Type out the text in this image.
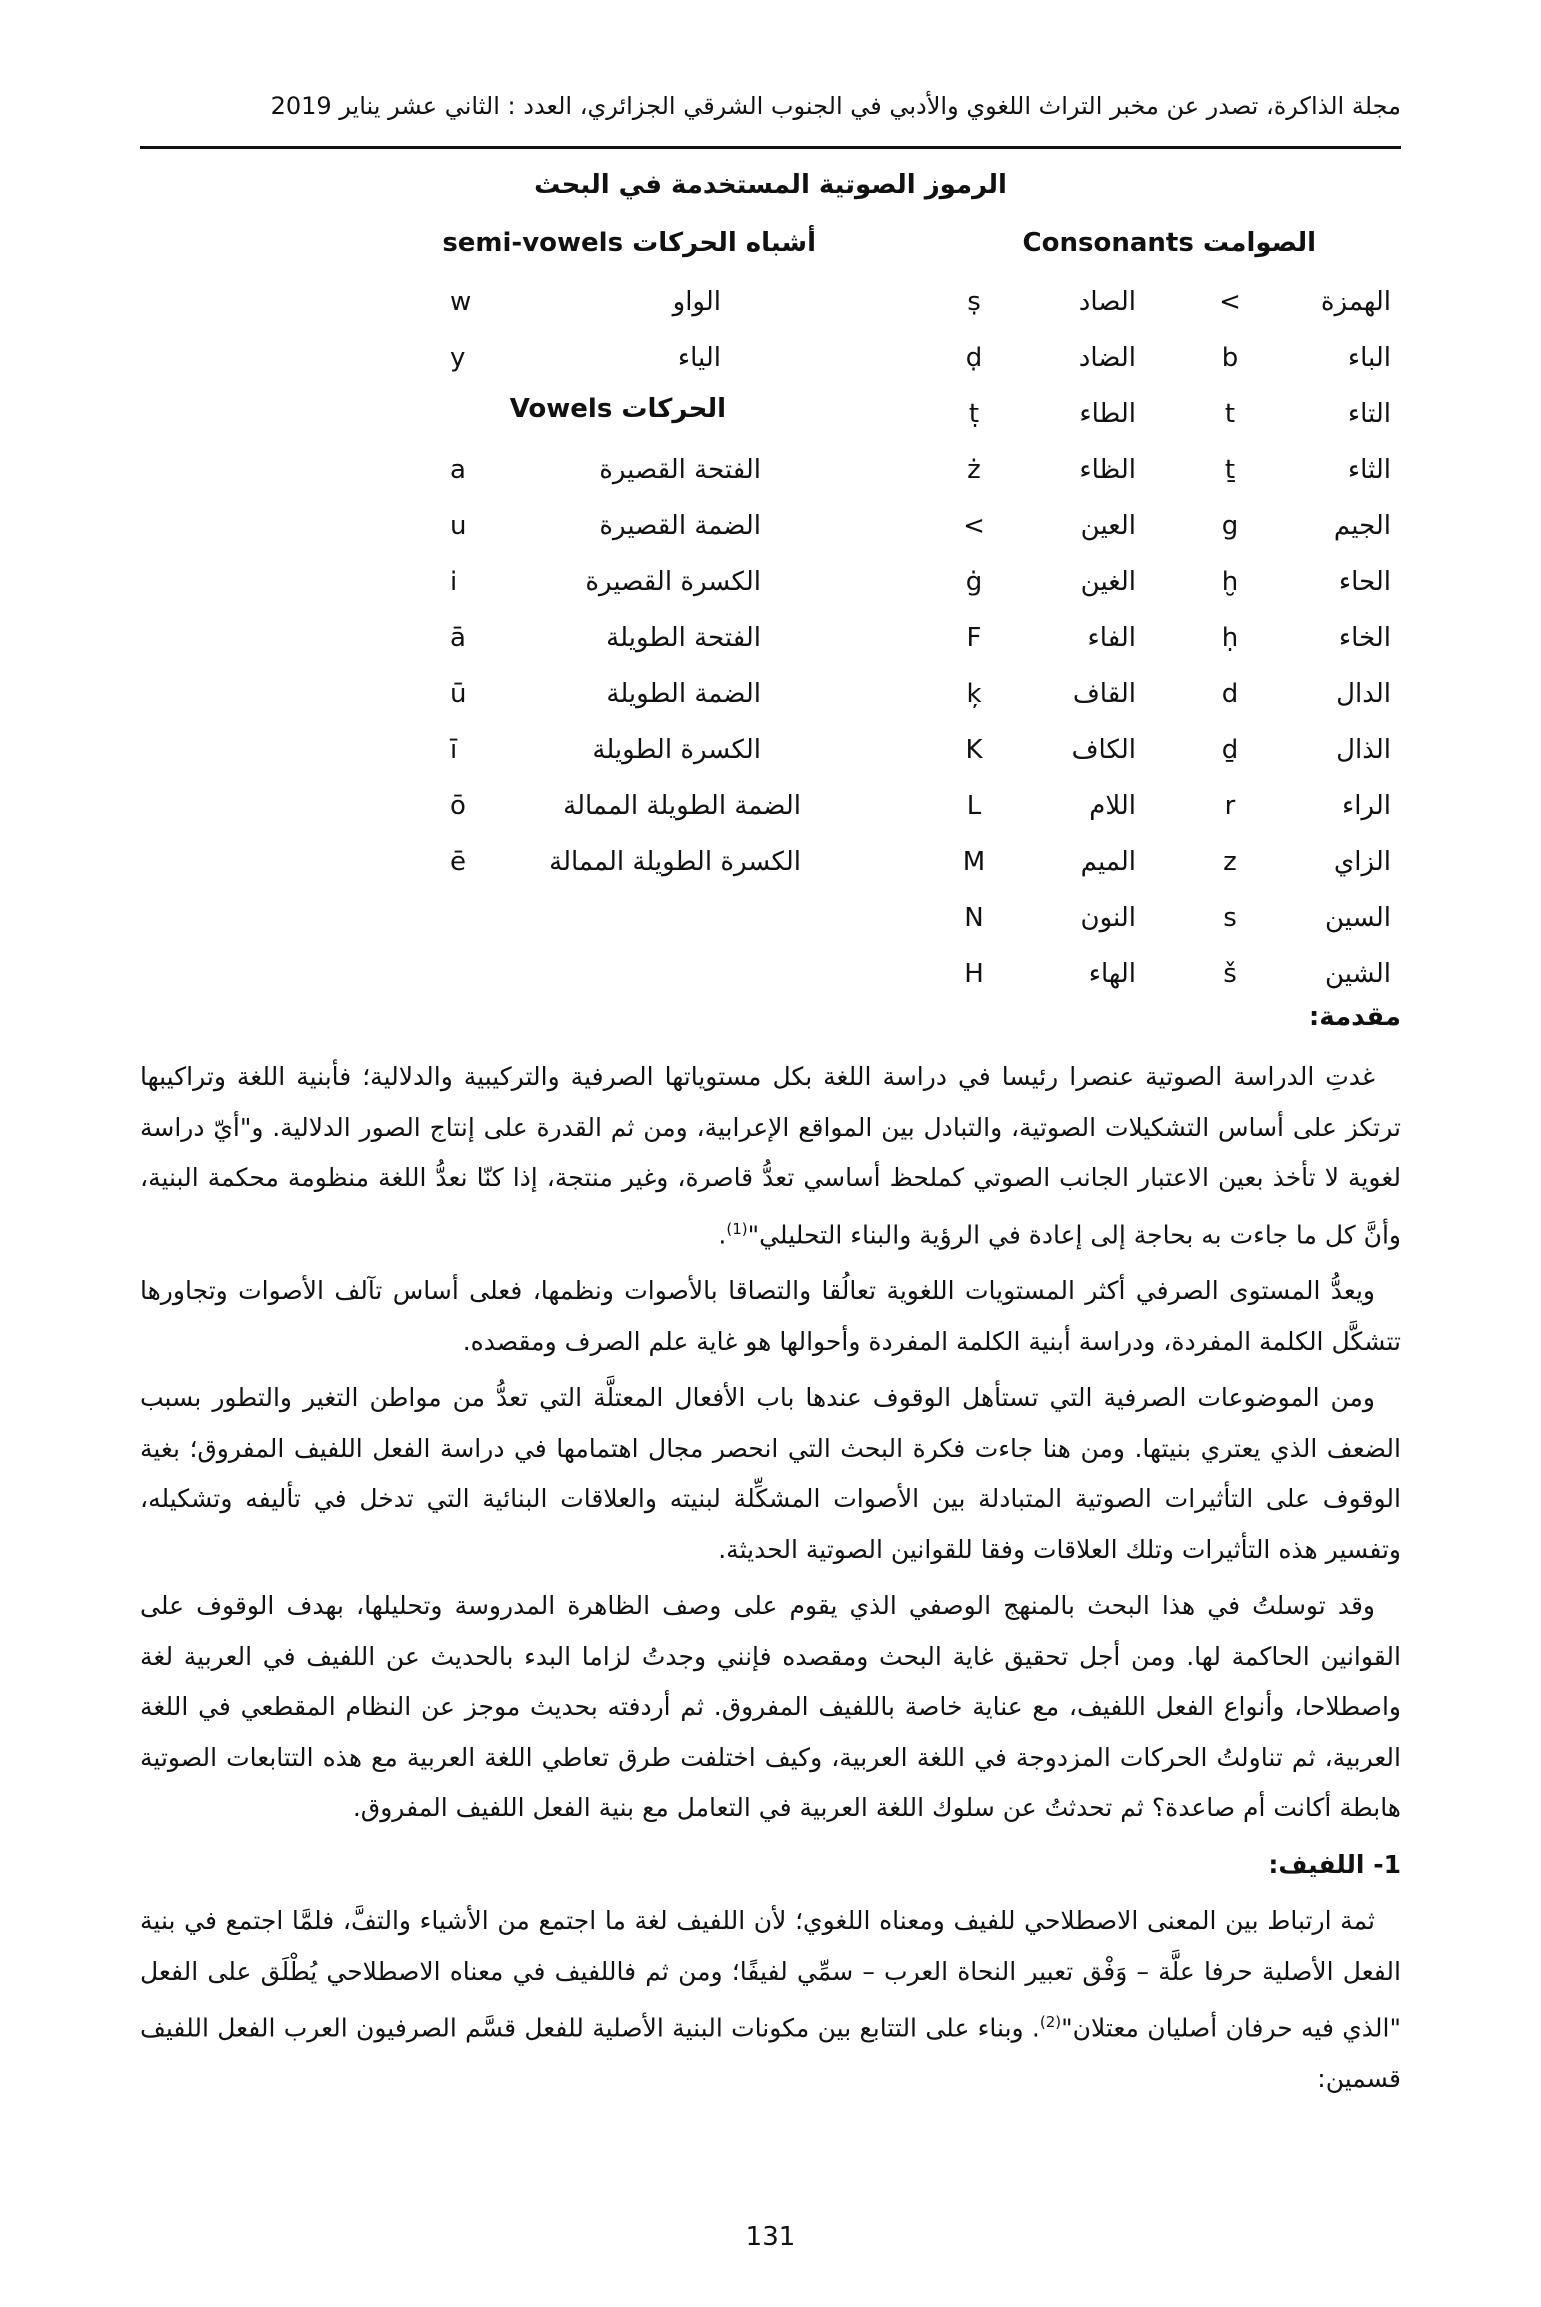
مجلة الذاكرة، تصدر عن مخبر التراث اللغوي والأدبي في الجنوب الشرقي الجزائري، العدد : الثاني عشر يناير 2019
الرموز الصوتية المستخدمة في البحث
الصوامت Consonants
أشباه الحركات semi-vowels
الحركات Vowels
الهمزة
<
الصاد
ṣ
الواو
w
الباء
b
الضاد
ḍ
الياء
y
التاء
t
الطاء
ṭ
الثاء
ṯ
الظاء
ż
الفتحة القصيرة
a
الجيم
g
العين
<
الضمة القصيرة
u
الحاء
ḫ
الغين
ġ
الكسرة القصيرة
i
الخاء
ḥ
الفاء
F
الفتحة الطويلة
ā
الدال
d
القاف
ķ
الضمة الطويلة
ū
الذال
ḏ
الكاف
K
الكسرة الطويلة
ī
الراء
r
اللام
L
الضمة الطويلة الممالة
ō
الزاي
z
الميم
M
الكسرة الطويلة الممالة
ē
السين
s
النون
N
الشين
š
الهاء
H
مقدمة:

غدتِ الدراسة الصوتية عنصرا رئيسا في دراسة اللغة بكل مستوياتها الصرفية والتركيبية والدلالية؛ فأبنية اللغة وتراكيبها ترتكز على أساس التشكيلات الصوتية، والتبادل بين المواقع الإعرابية، ومن ثم القدرة على إنتاج الصور الدلالية. و"أيّ دراسة لغوية لا تأخذ بعين الاعتبار الجانب الصوتي كملحظ أساسي تعدُّ قاصرة، وغير منتجة، إذا كنّا نعدُّ اللغة منظومة محكمة البنية، وأنَّ كل ما جاءت به بحاجة إلى إعادة في الرؤية والبناء التحليلي"$^{(1)}$.

ويعدُّ المستوى الصرفي أكثر المستويات اللغوية تعالُقا والتصاقا بالأصوات ونظمها، فعلى أساس تآلف الأصوات وتجاورها تتشكَّل الكلمة المفردة، ودراسة أبنية الكلمة المفردة وأحوالها هو غاية علم الصرف ومقصده.

ومن الموضوعات الصرفية التي تستأهل الوقوف عندها باب الأفعال المعتلَّة التي تعدُّ من مواطن التغير والتطور بسبب الضعف الذي يعتري بنيتها. ومن هنا جاءت فكرة البحث التي انحصر مجال اهتمامها في دراسة الفعل اللفيف المفروق؛ بغية الوقوف على التأثيرات الصوتية المتبادلة بين الأصوات المشكِّلة لبنيته والعلاقات البنائية التي تدخل في تأليفه وتشكيله، وتفسير هذه التأثيرات وتلك العلاقات وفقا للقوانين الصوتية الحديثة.

وقد توسلتُ في هذا البحث بالمنهج الوصفي الذي يقوم على وصف الظاهرة المدروسة وتحليلها، بهدف الوقوف على القوانين الحاكمة لها. ومن أجل تحقيق غاية البحث ومقصده فإنني وجدتُ لزاما البدء بالحديث عن اللفيف في العربية لغة واصطلاحا، وأنواع الفعل اللفيف، مع عناية خاصة باللفيف المفروق. ثم أردفته بحديث موجز عن النظام المقطعي في اللغة العربية، ثم تناولتُ الحركات المزدوجة في اللغة العربية، وكيف اختلفت طرق تعاطي اللغة العربية مع هذه التتابعات الصوتية هابطة أكانت أم صاعدة؟ ثم تحدثتُ عن سلوك اللغة العربية في التعامل مع بنية الفعل اللفيف المفروق.

1- اللفيف:

ثمة ارتباط بين المعنى الاصطلاحي للفيف ومعناه اللغوي؛ لأن اللفيف لغة ما اجتمع من الأشياء والتفَّ، فلمَّا اجتمع في بنية الفعل الأصلية حرفا علَّة – وَفْق تعبير النحاة العرب – سمِّي لفيفًا؛ ومن ثم فاللفيف في معناه الاصطلاحي يُطْلَق على الفعل "الذي فيه حرفان أصليان معتلان"$^{(2)}$. وبناء على التتابع بين مكونات البنية الأصلية للفعل قسَّم الصرفيون العرب الفعل اللفيف قسمين:

131
